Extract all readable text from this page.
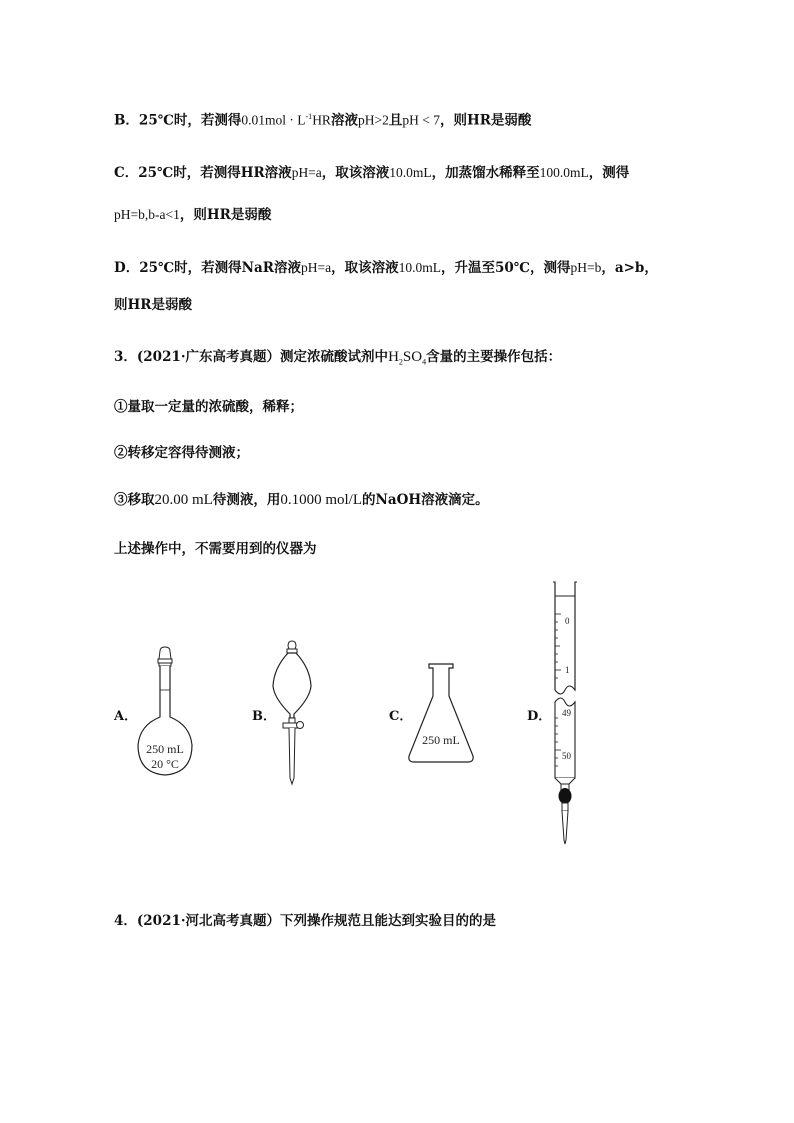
B．25℃时，若测得$0.01mol \cdot L^{-1}HR$溶液pH>2且pH < 7，则HR是弱酸
C．25℃时，若测得HR溶液pH=a，取该溶液10.0mL，加蒸馏水稀释至100.0mL，测得
pH=b,b-a<1，则HR是弱酸
D．25℃时，若测得NaR溶液pH=a，取该溶液10.0mL，升温至50℃，测得pH=b，a>b，
则HR是弱酸
3．(2021·广东高考真题）测定浓硫酸试剂中$H_2SO_4$含量的主要操作包括：
①量取一定量的浓硫酸，稀释；
②转移定容得待测液；
③移取20.00 mL待测液，用0.1000 mol/L的NaOH溶液滴定。
上述操作中，不需要用到的仪器为
A．	B．	C．	D．
250 mL
20 °C
250 mL
0
1
49
50
4．(2021·河北高考真题）下列操作规范且能达到实验目的的是
